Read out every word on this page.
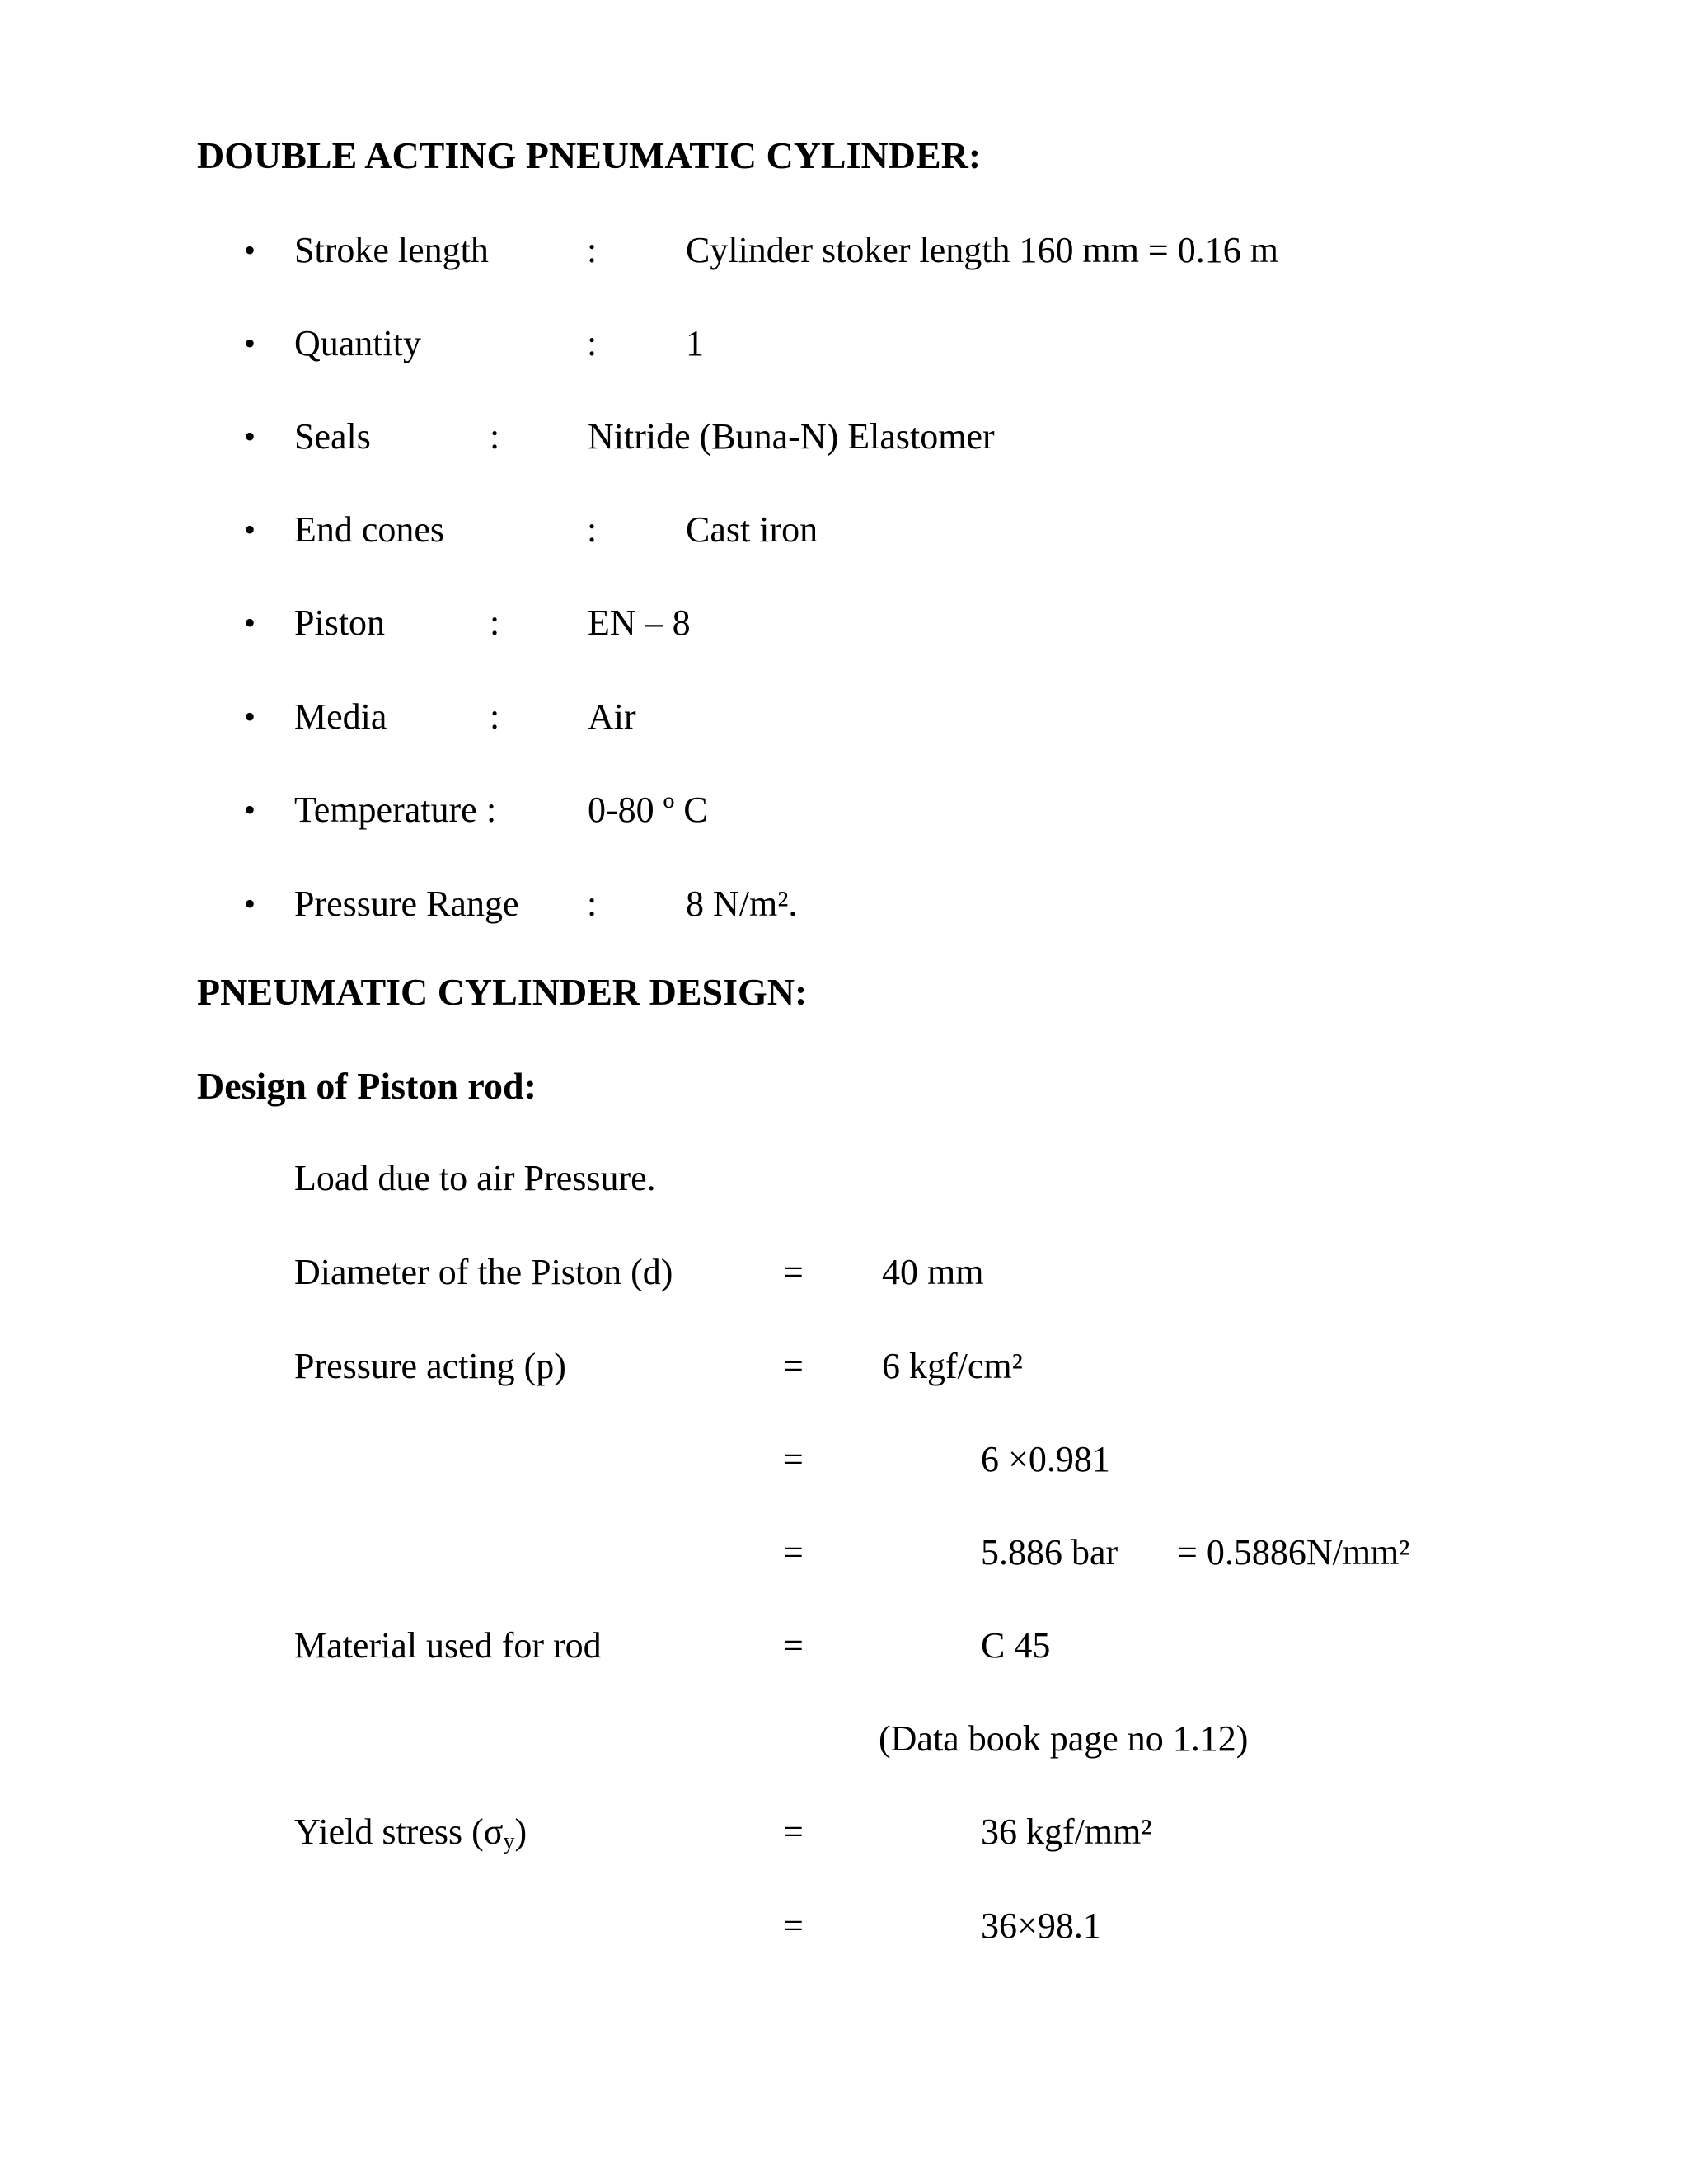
DOUBLE ACTING PNEUMATIC CYLINDER:
• Stroke length	: Cylinder stoker length 160 mm = 0.16 m
• Quantity	: 1
• Seals	: Nitride (Buna-N) Elastomer
• End cones	: Cast iron
• Piston	: EN – 8
• Media	: Air
• Temperature :	0-80 º C
• Pressure Range : 8 N/m².
PNEUMATIC CYLINDER DESIGN:
Design of Piston rod:
Load due to air Pressure.
Diameter of the Piston (d)	= 40 mm
Pressure acting (p)	= 6 kgf/cm²
=	6 ×0.981
=	5.886 bar = 0.5886N/mm²
Material used for rod	=	C 45
(Data book page no 1.12)
Yield stress $(\sigma_y)$	=	36 kgf/mm²
=	36×98.1
